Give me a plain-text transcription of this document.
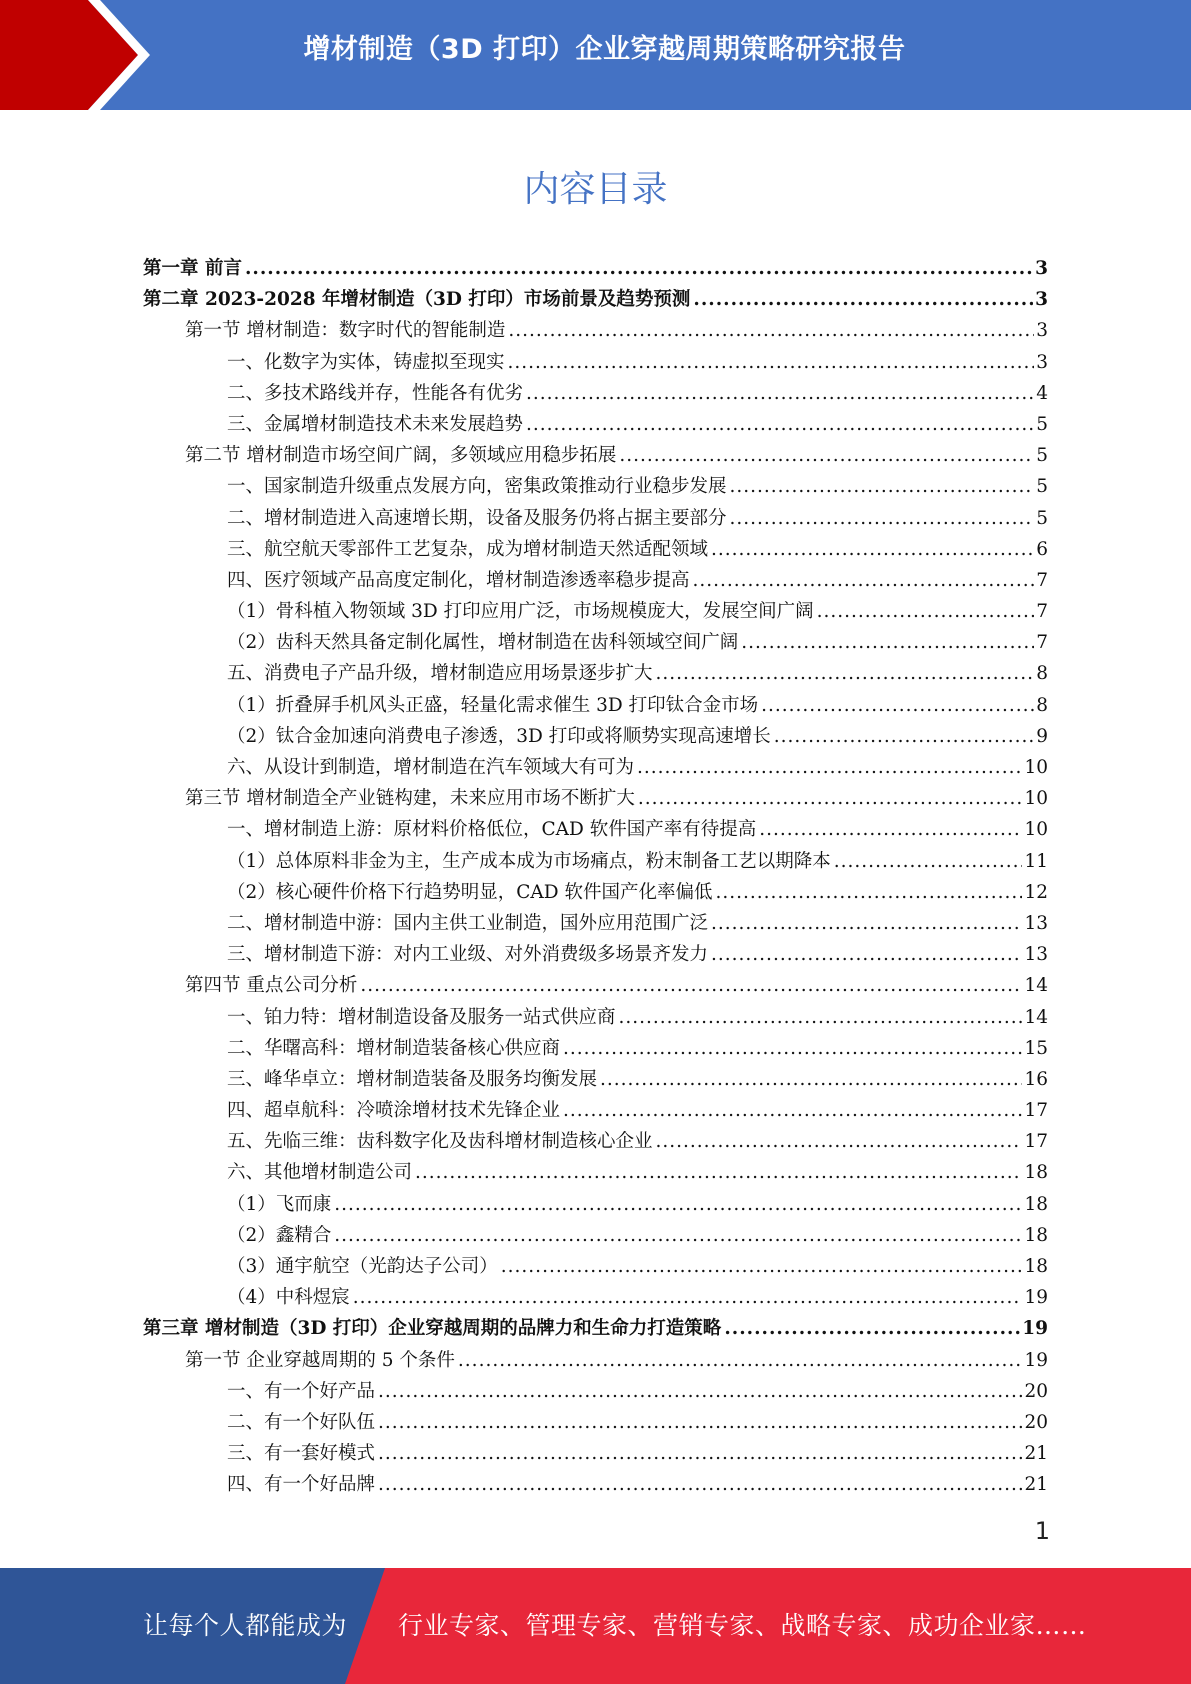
增材制造（3D 打印）企业穿越周期策略研究报告
内容目录
第一章 前言 .....	3
第二章 2023-2028 年增材制造（3D 打印）市场前景及趋势预测 .....	3
第一节 增材制造：数字时代的智能制造 .....	3
一、化数字为实体，铸虚拟至现实 .....	3
二、多技术路线并存，性能各有优劣 .....	4
三、金属增材制造技术未来发展趋势 .....	5
第二节 增材制造市场空间广阔，多领域应用稳步拓展 .....	5
一、国家制造升级重点发展方向，密集政策推动行业稳步发展 .....	5
二、增材制造进入高速增长期，设备及服务仍将占据主要部分 .....	5
三、航空航天零部件工艺复杂，成为增材制造天然适配领域 .....	6
四、医疗领域产品高度定制化，增材制造渗透率稳步提高 .....	7
（1）骨科植入物领域 3D 打印应用广泛，市场规模庞大，发展空间广阔 .....	7
（2）齿科天然具备定制化属性，增材制造在齿科领域空间广阔 .....	7
五、消费电子产品升级，增材制造应用场景逐步扩大 .....	8
（1）折叠屏手机风头正盛，轻量化需求催生 3D 打印钛合金市场 .....	8
（2）钛合金加速向消费电子渗透，3D 打印或将顺势实现高速增长 .....	9
六、从设计到制造，增材制造在汽车领域大有可为 .....	10
第三节 增材制造全产业链构建，未来应用市场不断扩大 .....	10
一、增材制造上游：原材料价格低位，CAD 软件国产率有待提高 .....	10
（1）总体原料非金为主，生产成本成为市场痛点，粉末制备工艺以期降本 .....	11
（2）核心硬件价格下行趋势明显，CAD 软件国产化率偏低 .....	12
二、增材制造中游：国内主供工业制造，国外应用范围广泛 .....	13
三、增材制造下游：对内工业级、对外消费级多场景齐发力 .....	13
第四节 重点公司分析 .....	14
一、铂力特：增材制造设备及服务一站式供应商 .....	14
二、华曙高科：增材制造装备核心供应商 .....	15
三、峰华卓立：增材制造装备及服务均衡发展 .....	16
四、超卓航科：冷喷涂增材技术先锋企业 .....	17
五、先临三维：齿科数字化及齿科增材制造核心企业 .....	17
六、其他增材制造公司 .....	18
（1）飞而康 .....	18
（2）鑫精合 .....	18
（3）通宇航空（光韵达子公司） .....	18
（4）中科煜宸 .....	19
第三章 增材制造（3D 打印）企业穿越周期的品牌力和生命力打造策略 .....	19
第一节 企业穿越周期的 5 个条件 .....	19
一、有一个好产品 .....	20
二、有一个好队伍 .....	20
三、有一套好模式 .....	21
四、有一个好品牌 .....	21
1
让每个人都能成为 行业专家、管理专家、营销专家、战略专家、成功企业家……
